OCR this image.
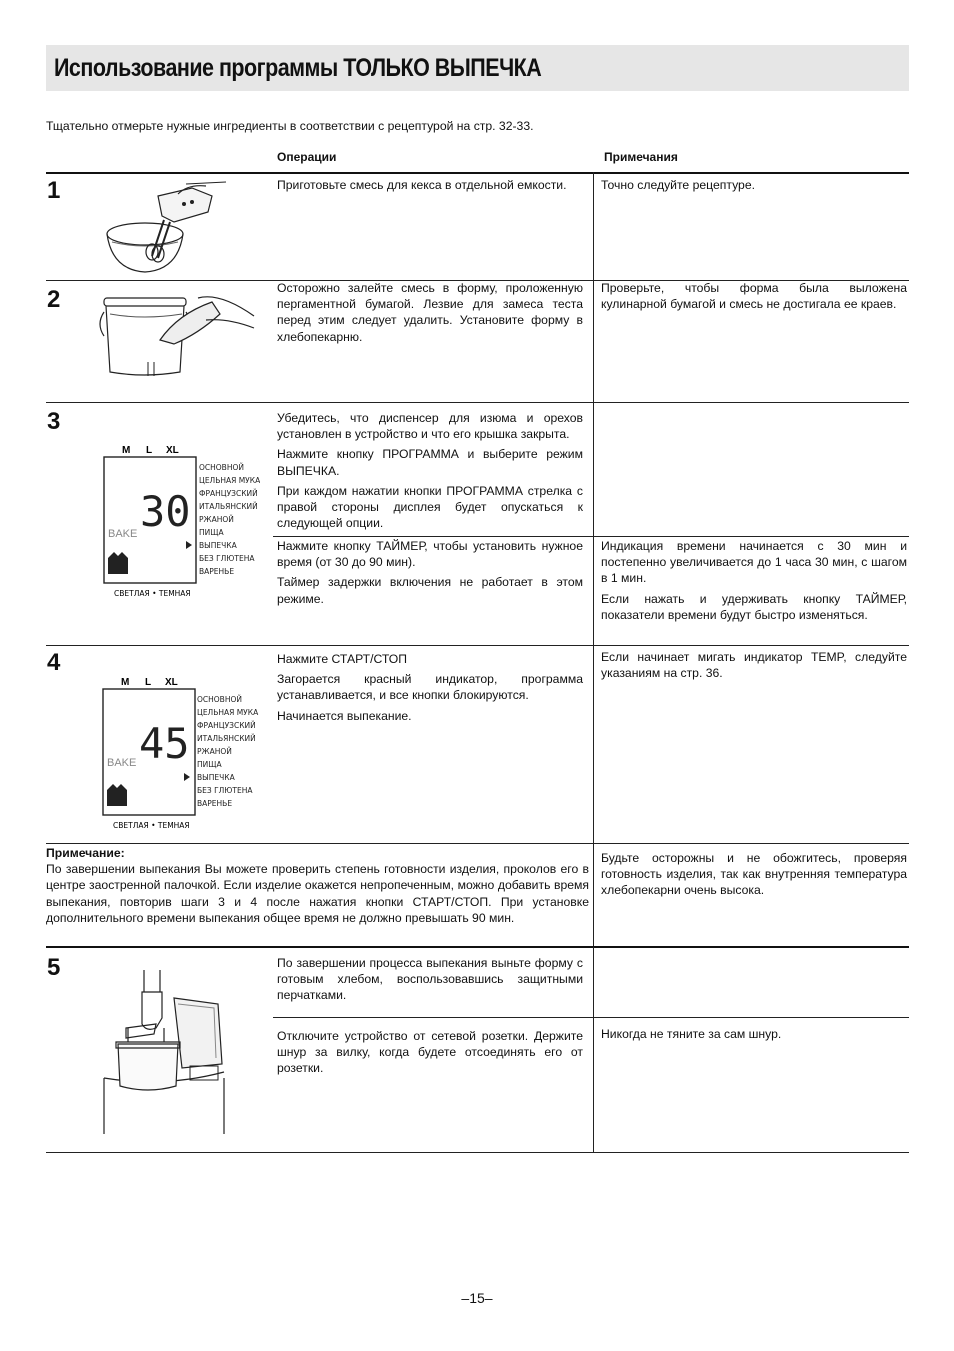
Использование программы ТОЛЬКО ВЫПЕЧКА
Тщательно отмерьте нужные ингредиенты в соответствии с рецептурой на стр. 32-33.
Операции	Примечания
1
2
3
4
5

Приготовьте смесь для кекса в отдельной емкости.	Точно следуйте рецептуре.

Осторожно залейте смесь в форму, проложенную пергаментной бумагой. Лезвие для замеса теста перед этим следует удалить. Установите форму в хлебопекарню.

Проверьте, чтобы форма была выложена кулинарной бумагой и смесь не достигала ее краев.

Убедитесь, что диспенсер для изюма и орехов установлен в устройство и что его крышка закрыта.

Нажмите кнопку ПРОГРАММА и выберите режим ВЫПЕЧКА.

При каждом нажатии кнопки ПРОГРАММА стрелка с правой стороны дисплея будет опускаться к следующей опции.

Нажмите кнопку ТАЙМЕР, чтобы установить нужное время (от 30 до 90 мин).

Таймер задержки включения не работает в этом режиме.

Индикация времени начинается с 30 мин и постепенно увеличивается до 1 часа 30 мин, с шагом в 1 мин.

Если нажать и удерживать кнопку ТАЙМЕР, показатели времени будут быстро изменяться.

M L XL
30
BAKE
ОСНОВНОЙ
ЦЕЛЬНАЯ МУКА
ФРАНЦУЗСКИЙ
ИТАЛЬЯНСКИЙ
РЖАНОЙ
ПИЩА
ВЫПЕЧКА
БЕЗ ГЛЮТЕНА
ВАРЕНЬЕ
СВЕТЛАЯ • ТЕМНАЯ

Нажмите СТАРТ/СТОП

Загорается красный индикатор, программа устанавливается, и все кнопки блокируются.

Начинается выпекание.

Если начинает мигать индикатор TEMP, следуйте указаниям на стр. 36.

M L XL
45
BAKE
ОСНОВНОЙ
ЦЕЛЬНАЯ МУКА
ФРАНЦУЗСКИЙ
ИТАЛЬЯНСКИЙ
РЖАНОЙ
ПИЩА
ВЫПЕЧКА
БЕЗ ГЛЮТЕНА
ВАРЕНЬЕ
СВЕТЛАЯ • ТЕМНАЯ
Примечание:
По завершении выпекания Вы можете проверить степень готовности изделия, проколов его в центре заостренной палочкой. Если изделие окажется непропеченным, можно добавить время выпекания, повторив шаги 3 и 4 после нажатия кнопки СТАРТ/СТОП. При установке дополнительного времени выпекания общее время не должно превышать 90 мин.

Будьте осторожны и не обожгитесь, проверяя готовность изделия, так как внутренняя температура хлебопекарни очень высока.

По завершении процесса выпекания выньте форму с готовым хлебом, воспользовавшись защитными перчатками.

Отключите устройство от сетевой розетки. Держите шнур за вилку, когда будете отсоединять его от розетки.

Никогда не тяните за сам шнур.

–15–
